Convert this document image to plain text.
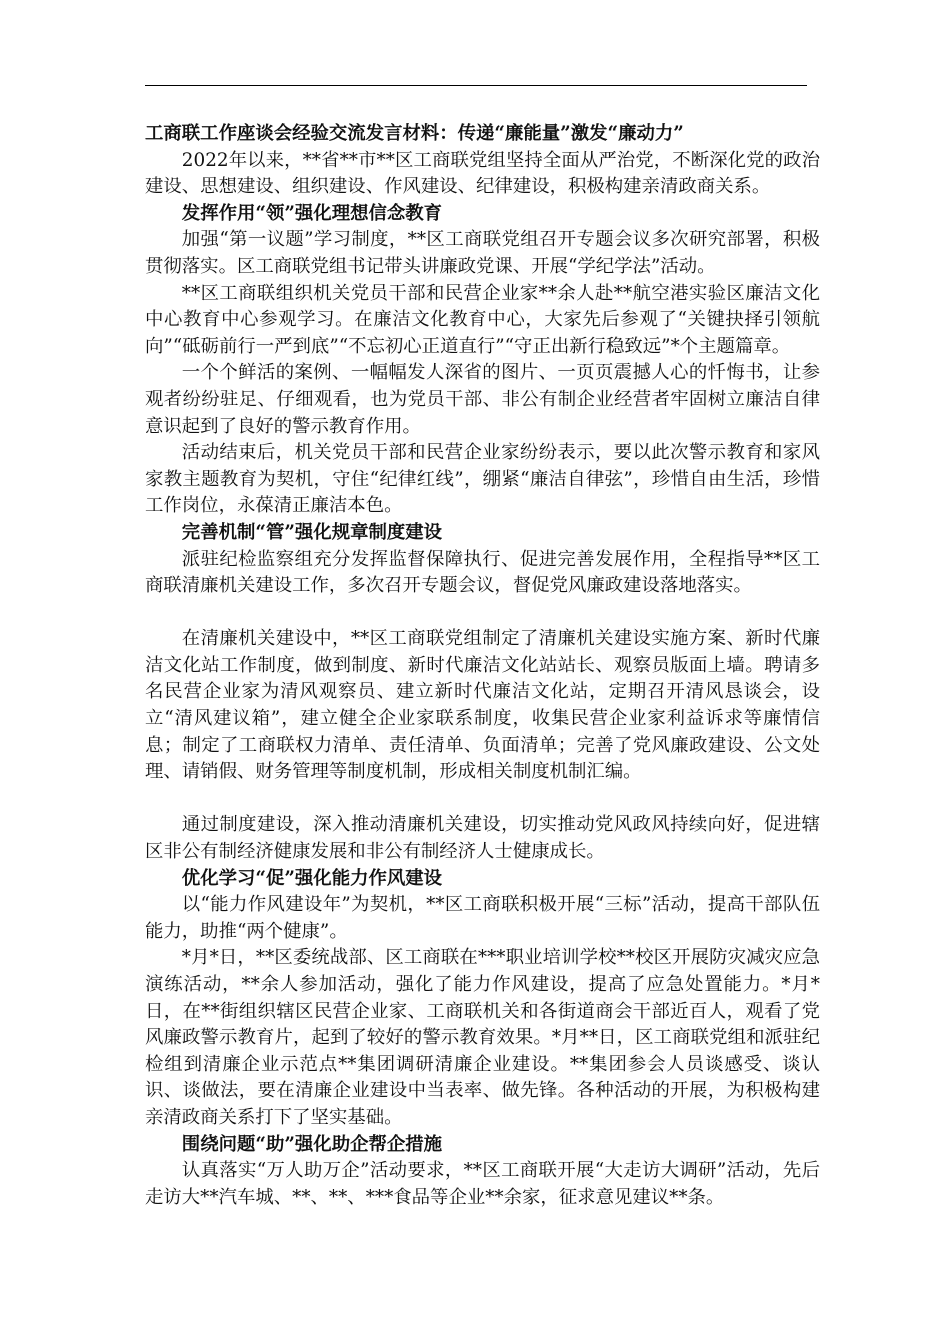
工商联工作座谈会经验交流发言材料：传递“廉能量”激发“廉动力”

2022年以来，**省**市**区工商联党组坚持全面从严治党，不断深化党的政治建设、思想建设、组织建设、作风建设、纪律建设，积极构建亲清政商关系。

发挥作用“领”强化理想信念教育

加强“第一议题”学习制度，**区工商联党组召开专题会议多次研究部署，积极贯彻落实。区工商联党组书记带头讲廉政党课、开展“学纪学法”活动。

**区工商联组织机关党员干部和民营企业家**余人赴**航空港实验区廉洁文化中心教育中心参观学习。在廉洁文化教育中心，大家先后参观了“关键抉择引领航向”“砥砺前行一严到底”“不忘初心正道直行”“守正出新行稳致远”*个主题篇章。

一个个鲜活的案例、一幅幅发人深省的图片、一页页震撼人心的忏悔书，让参观者纷纷驻足、仔细观看，也为党员干部、非公有制企业经营者牢固树立廉洁自律意识起到了良好的警示教育作用。

活动结束后，机关党员干部和民营企业家纷纷表示，要以此次警示教育和家风家教主题教育为契机，守住“纪律红线”，绷紧“廉洁自律弦”，珍惜自由生活，珍惜工作岗位，永葆清正廉洁本色。

完善机制“管”强化规章制度建设

派驻纪检监察组充分发挥监督保障执行、促进完善发展作用，全程指导**区工商联清廉机关建设工作，多次召开专题会议，督促党风廉政建设落地落实。

在清廉机关建设中，**区工商联党组制定了清廉机关建设实施方案、新时代廉洁文化站工作制度，做到制度、新时代廉洁文化站站长、观察员版面上墙。聘请多名民营企业家为清风观察员、建立新时代廉洁文化站，定期召开清风恳谈会，设立“清风建议箱”，建立健全企业家联系制度，收集民营企业家利益诉求等廉情信息；制定了工商联权力清单、责任清单、负面清单；完善了党风廉政建设、公文处理、请销假、财务管理等制度机制，形成相关制度机制汇编。

通过制度建设，深入推动清廉机关建设，切实推动党风政风持续向好，促进辖区非公有制经济健康发展和非公有制经济人士健康成长。

优化学习“促”强化能力作风建设

以“能力作风建设年”为契机，**区工商联积极开展“三标”活动，提高干部队伍能力，助推“两个健康”。

*月*日，**区委统战部、区工商联在***职业培训学校**校区开展防灾减灾应急演练活动，**余人参加活动，强化了能力作风建设，提高了应急处置能力。*月*日，在**街组织辖区民营企业家、工商联机关和各街道商会干部近百人，观看了党风廉政警示教育片，起到了较好的警示教育效果。*月**日，区工商联党组和派驻纪检组到清廉企业示范点**集团调研清廉企业建设。**集团参会人员谈感受、谈认识、谈做法，要在清廉企业建设中当表率、做先锋。各种活动的开展，为积极构建亲清政商关系打下了坚实基础。

围绕问题“助”强化助企帮企措施

认真落实“万人助万企”活动要求，**区工商联开展“大走访大调研”活动，先后走访大**汽车城、**、**、***食品等企业**余家，征求意见建议**条。
